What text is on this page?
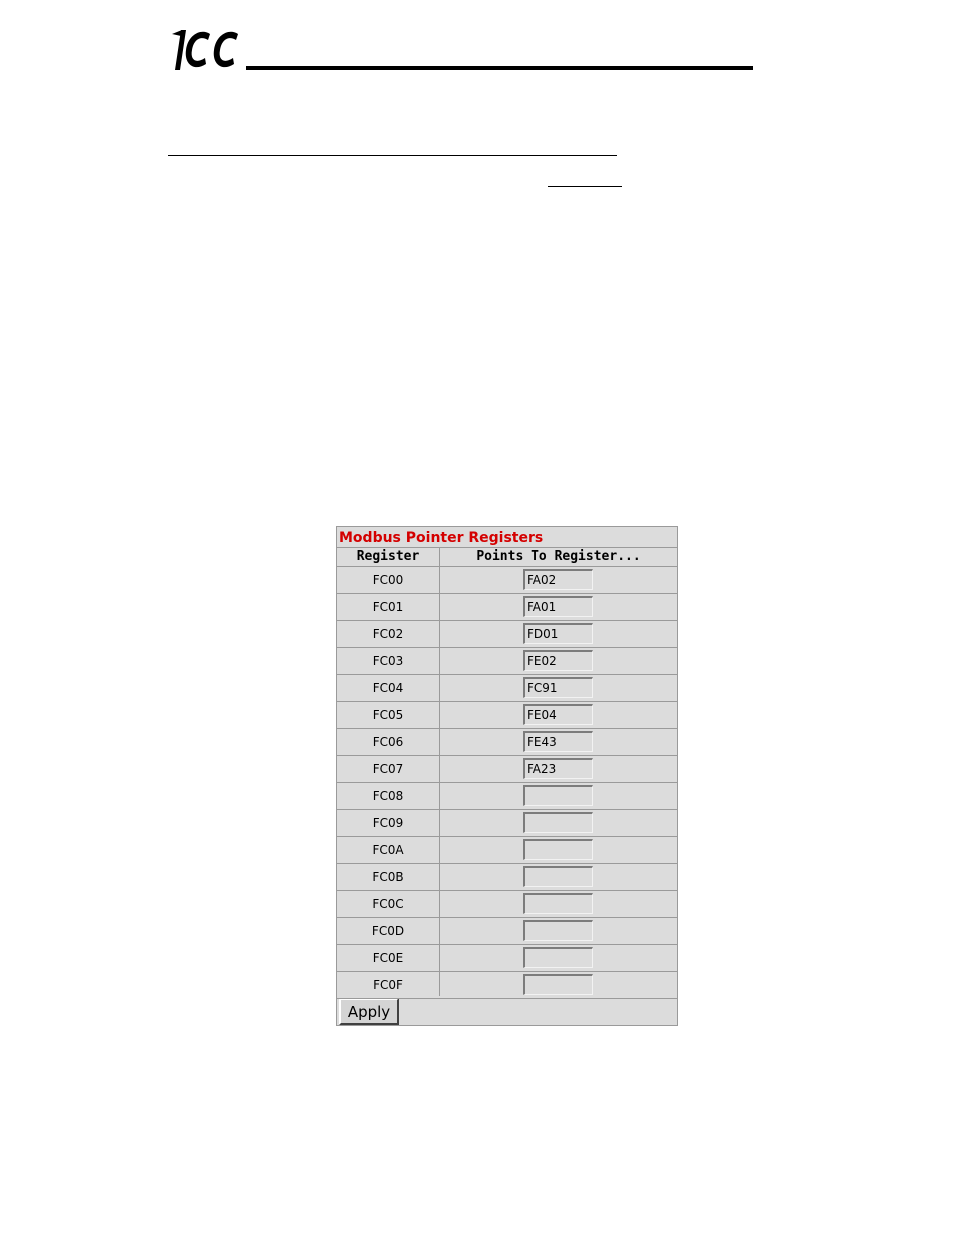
Modbus Pointer Registers
Register	Points To Register...
FC00
FA02
FC01
FA01
FC02
FD01
FC03
FE02
FC04
FC91
FC05
FE04
FC06
FE43
FC07
FA23
FC08
FC09
FC0A
FC0B
FC0C
FC0D
FC0E
FC0F
Apply
